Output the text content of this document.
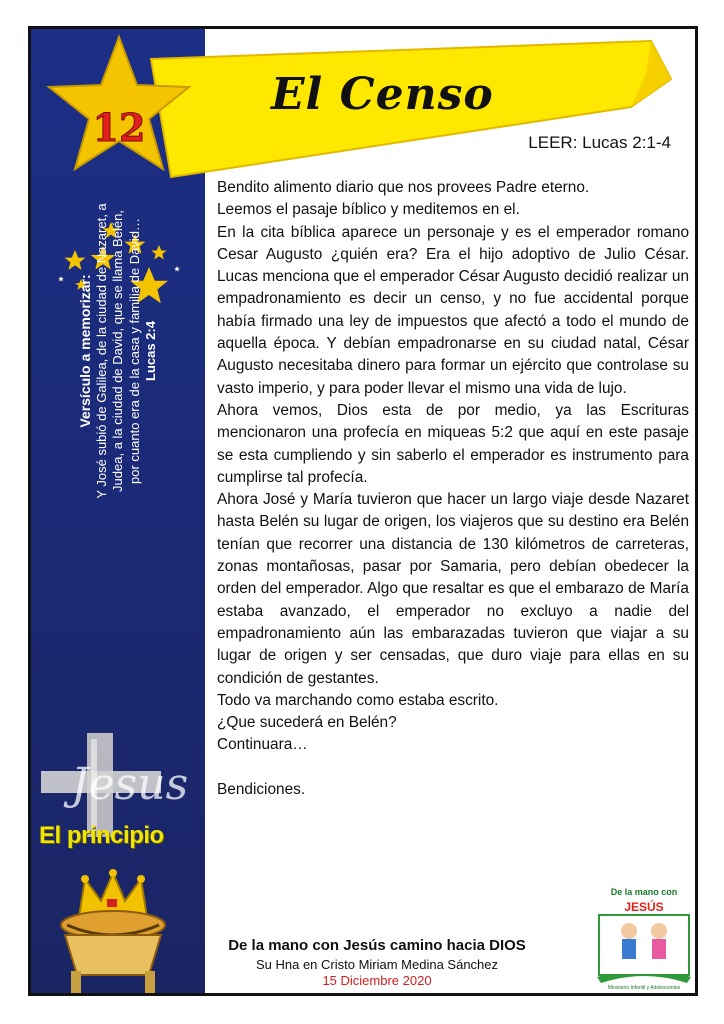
Versículo a memorizar: Y José subió de Galilea, de la ciudad de Nazaret, a Judea, a la ciudad de David, que se llama Belén, por cuanto era de la casa y familia de David… Lucas 2:4
Jesus
El principio
12
El Censo
LEER: Lucas 2:1-4

Bendito alimento diario que nos provees Padre eterno.

Leemos el pasaje bíblico y meditemos en el.

En la cita bíblica aparece un personaje y es el emperador romano Cesar Augusto ¿quién era? Era el hijo adoptivo de Julio César. Lucas menciona que el emperador César Augusto decidió realizar un empadronamiento es decir un censo, y no fue accidental porque había firmado una ley de impuestos que afectó a todo el mundo de aquella época. Y debían empadronarse en su ciudad natal, César Augusto necesitaba dinero para formar un ejército que controlase su vasto imperio, y para poder llevar el mismo una vida de lujo.

Ahora vemos, Dios esta de por medio, ya las Escrituras mencionaron una profecía en miqueas 5:2 que aquí en este pasaje se esta cumpliendo y sin saberlo el emperador es instrumento para cumplirse tal profecía.

Ahora José y María tuvieron que hacer un largo viaje desde Nazaret hasta Belén su lugar de origen, los viajeros que su destino era Belén tenían que recorrer una distancia de 130 kilómetros de carreteras, zonas montañosas, pasar por Samaria, pero debían obedecer la orden del emperador. Algo que resaltar es que el embarazo de María estaba avanzado, el emperador no excluyo a nadie del empadronamiento aún las embarazadas tuvieron que viajar a su lugar de origen y ser censadas, que duro viaje para ellas en su condición de gestantes.

Todo va marchando como estaba escrito.

¿Que sucederá en Belén?

Continuara…

Bendiciones.

De la mano con Jesús camino hacia DIOS
Su Hna en Cristo Miriam Medina Sánchez
15 Diciembre 2020
De la mano con
JESÚS
Ministerio Infantil y Adolescentes
